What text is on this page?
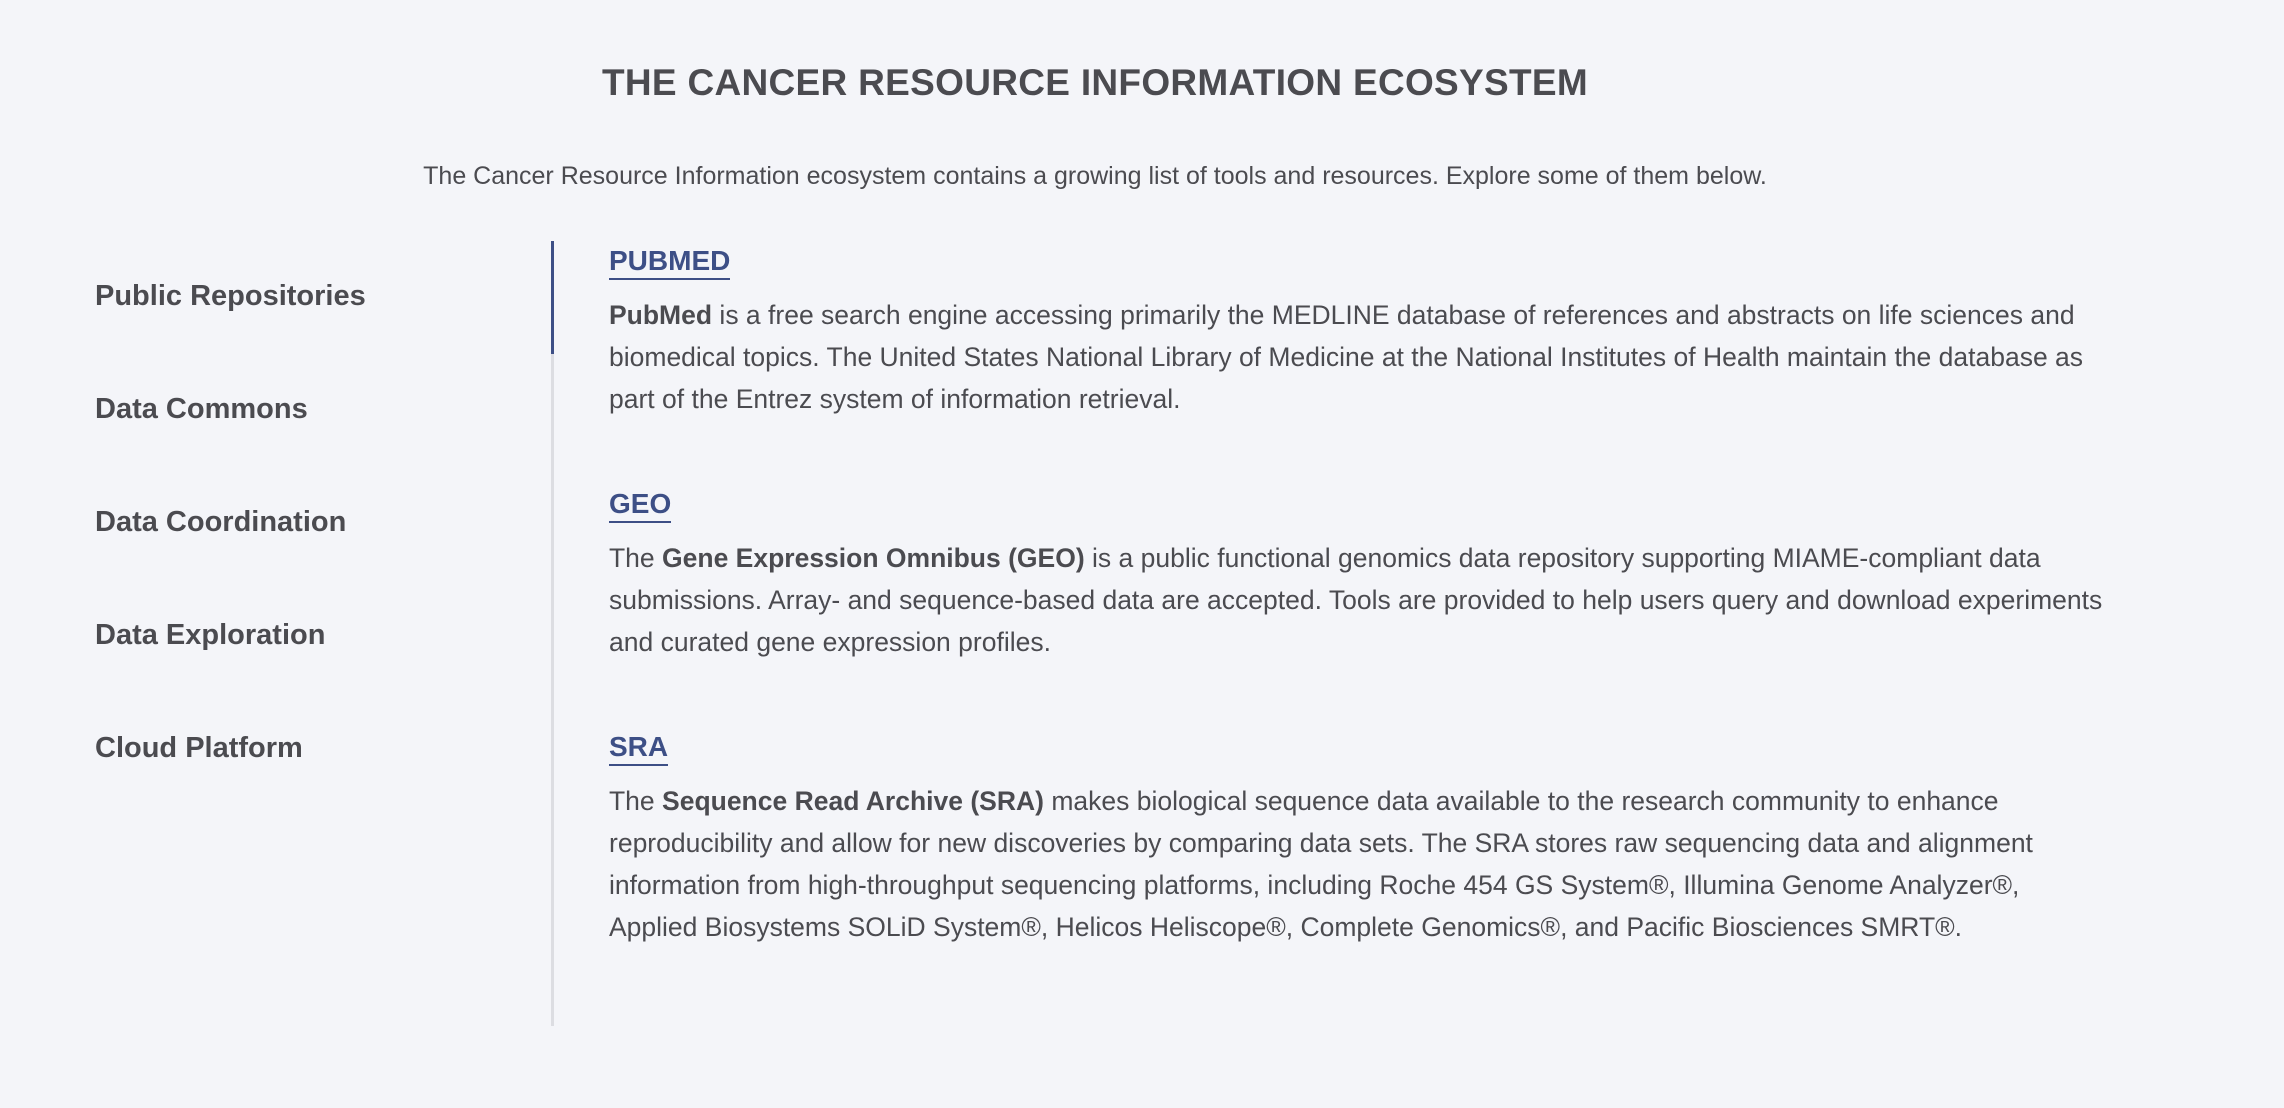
THE CANCER RESOURCE INFORMATION ECOSYSTEM

The Cancer Resource Information ecosystem contains a growing list of tools and resources. Explore some of them below.

Public Repositories
Data Commons
Data Coordination
Data Exploration
Cloud Platform
PUBMED

PubMed is a free search engine accessing primarily the MEDLINE database of references and abstracts on life sciences and biomedical topics. The United States National Library of Medicine at the National Institutes of Health maintain the database as part of the Entrez system of information retrieval.

GEO

The Gene Expression Omnibus (GEO) is a public functional genomics data repository supporting MIAME-compliant data submissions. Array- and sequence-based data are accepted. Tools are provided to help users query and download experiments and curated gene expression profiles.

SRA

The Sequence Read Archive (SRA) makes biological sequence data available to the research community to enhance reproducibility and allow for new discoveries by comparing data sets. The SRA stores raw sequencing data and alignment information from high-throughput sequencing platforms, including Roche 454 GS System®, Illumina Genome Analyzer®, Applied Biosystems SOLiD System®, Helicos Heliscope®, Complete Genomics®, and Pacific Biosciences SMRT®.
